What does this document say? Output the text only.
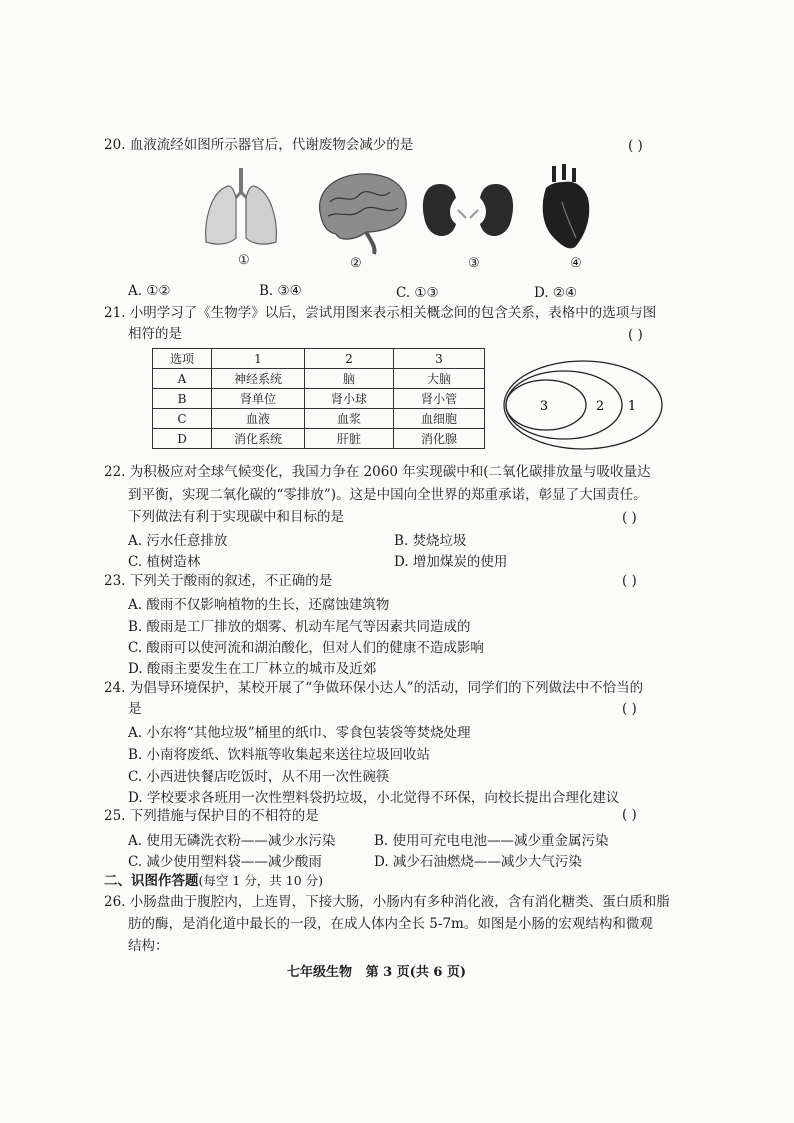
20. 血液流经如图所示器官后，代谢废物会减少的是	( )
①	②	③	④
A. ①②	B. ③④	C. ①③	D. ②④
21. 小明学习了《生物学》以后，尝试用图来表示相关概念间的包含关系，表格中的选项与图
相符的是	( )
选项	1	2	3
A	神经系统	脑	大脑
B	肾单位	肾小球	肾小管
C	血液	血浆	血细胞
D	消化系统	肝脏	消化腺
3	2 1
22. 为积极应对全球气候变化，我国力争在 2060 年实现碳中和(二氧化碳排放量与吸收量达
到平衡，实现二氧化碳的“零排放”)。这是中国向全世界的郑重承诺，彰显了大国责任。
下列做法有利于实现碳中和目标的是	( )
A. 污水任意排放	B. 焚烧垃圾
C. 植树造林	D. 增加煤炭的使用
23. 下列关于酸雨的叙述，不正确的是	( )
A. 酸雨不仅影响植物的生长，还腐蚀建筑物
B. 酸雨是工厂排放的烟雾、机动车尾气等因素共同造成的
C. 酸雨可以使河流和湖泊酸化，但对人们的健康不造成影响
D. 酸雨主要发生在工厂林立的城市及近郊
24. 为倡导环境保护，某校开展了“争做环保小达人”的活动，同学们的下列做法中不恰当的
是	( )
A. 小东将“其他垃圾”桶里的纸巾、零食包装袋等焚烧处理
B. 小南将废纸、饮料瓶等收集起来送往垃圾回收站
C. 小西进快餐店吃饭时，从不用一次性碗筷
D. 学校要求各班用一次性塑料袋扔垃圾，小北觉得不环保，向校长提出合理化建议
25. 下列措施与保护目的不相符的是	( )
A. 使用无磷洗衣粉——减少水污染	B. 使用可充电电池——减少重金属污染
C. 减少使用塑料袋——减少酸雨	D. 减少石油燃烧——减少大气污染
二、识图作答题(每空 1 分，共 10 分)
26. 小肠盘曲于腹腔内，上连胃，下接大肠，小肠内有多种消化液，含有消化糖类、蛋白质和脂
肪的酶，是消化道中最长的一段，在成人体内全长 5-7m。如图是小肠的宏观结构和微观
结构：
七年级生物   第 3 页(共 6 页)
